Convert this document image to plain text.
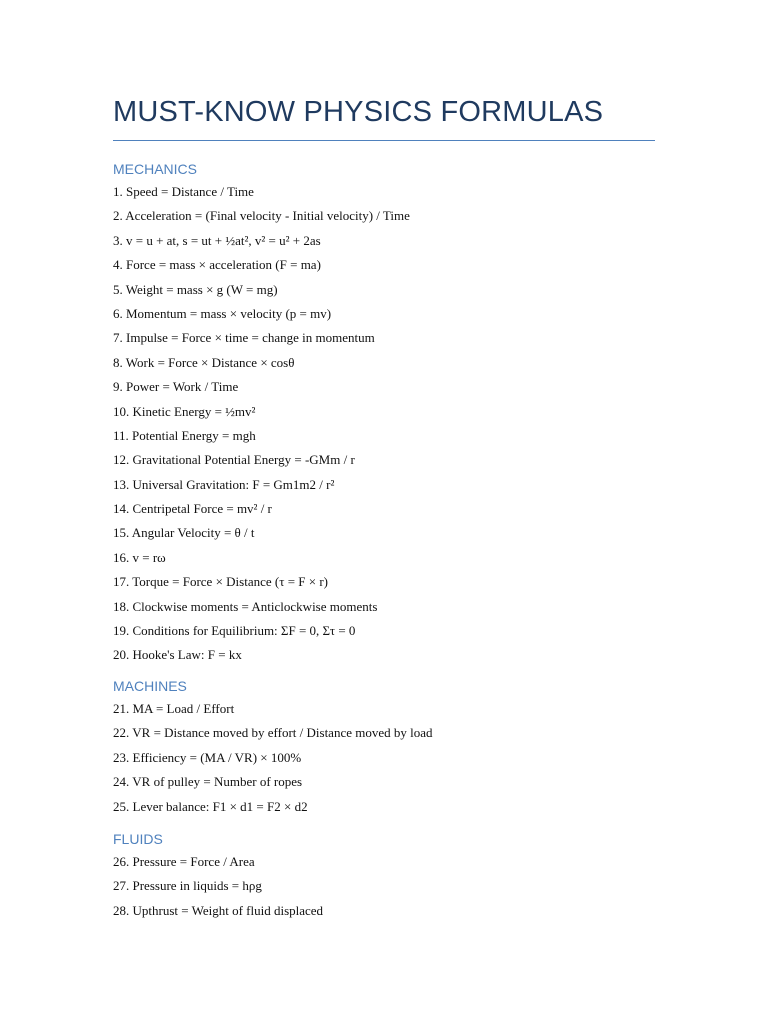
MUST-KNOW PHYSICS FORMULAS
MECHANICS
1. Speed = Distance / Time
2. Acceleration = (Final velocity - Initial velocity) / Time
3. v = u + at, s = ut + ½at², v² = u² + 2as
4. Force = mass × acceleration (F = ma)
5. Weight = mass × g (W = mg)
6. Momentum = mass × velocity (p = mv)
7. Impulse = Force × time = change in momentum
8. Work = Force × Distance × cosθ
9. Power = Work / Time
10. Kinetic Energy = ½mv²
11. Potential Energy = mgh
12. Gravitational Potential Energy = -GMm / r
13. Universal Gravitation: F = Gm1m2 / r²
14. Centripetal Force = mv² / r
15. Angular Velocity = θ / t
16. v = rω
17. Torque = Force × Distance (τ = F × r)
18. Clockwise moments = Anticlockwise moments
19. Conditions for Equilibrium: ΣF = 0, Στ = 0
20. Hooke's Law: F = kx
MACHINES
21. MA = Load / Effort
22. VR = Distance moved by effort / Distance moved by load
23. Efficiency = (MA / VR) × 100%
24. VR of pulley = Number of ropes
25. Lever balance: F1 × d1 = F2 × d2
FLUIDS
26. Pressure = Force / Area
27. Pressure in liquids = hρg
28. Upthrust = Weight of fluid displaced
